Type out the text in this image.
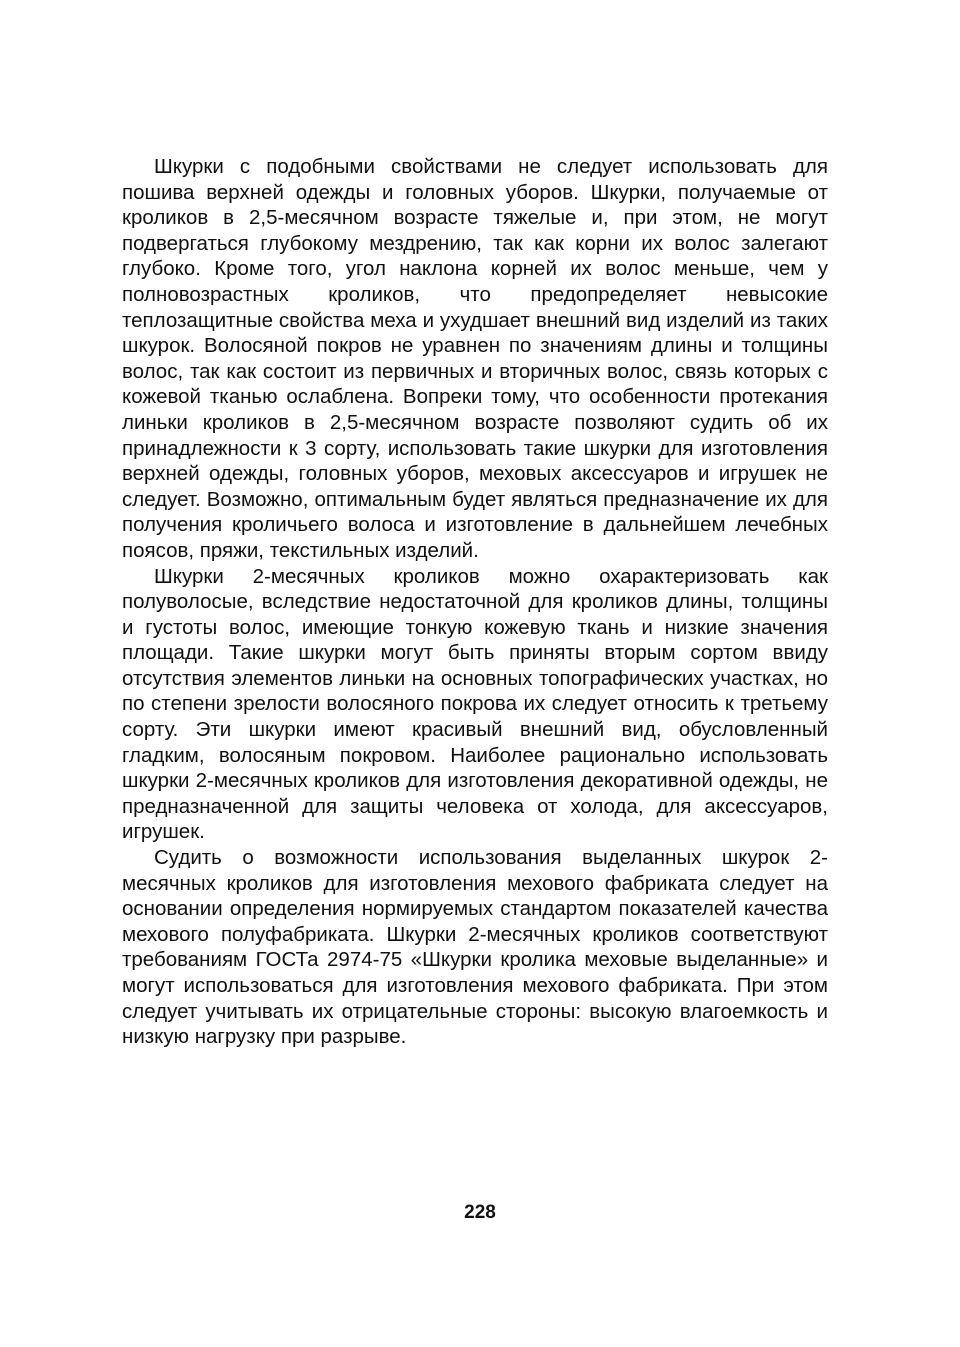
Шкурки с подобными свойствами не следует использовать для пошива верхней одежды и головных уборов. Шкурки, получаемые от кроликов в 2,5-месячном возрасте тяжелые и, при этом, не могут подвергаться глубокому мездрению, так как корни их волос залегают глубоко. Кроме того, угол наклона корней их волос меньше, чем у полновозрастных кроликов, что предопределяет невысокие теплозащитные свойства меха и ухудшает внешний вид изделий из таких шкурок. Волосяной покров не уравнен по значениям длины и толщины волос, так как состоит из первичных и вторичных волос, связь которых с кожевой тканью ослаблена. Вопреки тому, что особенности протекания линьки кроликов в 2,5-месячном возрасте позволяют судить об их принадлежности к 3 сорту, использовать такие шкурки для изготовления верхней одежды, головных уборов, меховых аксессуаров и игрушек не следует. Возможно, оптимальным будет являться предназначение их для получения кроличьего волоса и изготовление в дальнейшем лечебных поясов, пряжи, текстильных изделий.

Шкурки 2-месячных кроликов можно охарактеризовать как полуволосые, вследствие недостаточной для кроликов длины, толщины и густоты волос, имеющие тонкую кожевую ткань и низкие значения площади. Такие шкурки могут быть приняты вторым сортом ввиду отсутствия элементов линьки на основных топографических участках, но по степени зрелости волосяного покрова их следует относить к третьему сорту. Эти шкурки имеют красивый внешний вид, обусловленный гладким, волосяным покровом. Наиболее рационально использовать шкурки 2-месячных кроликов для изготовления декоративной одежды, не предназначенной для защиты человека от холода, для аксессуаров, игрушек.

Судить о возможности использования выделанных шкурок 2-месячных кроликов для изготовления мехового фабриката следует на основании определения нормируемых стандартом показателей качества мехового полуфабриката. Шкурки 2-месячных кроликов соответствуют требованиям ГОСТа 2974-75 «Шкурки кролика меховые выделанные» и могут использоваться для изготовления мехового фабриката. При этом следует учитывать их отрицательные стороны: высокую влагоемкость и низкую нагрузку при разрыве.

228
